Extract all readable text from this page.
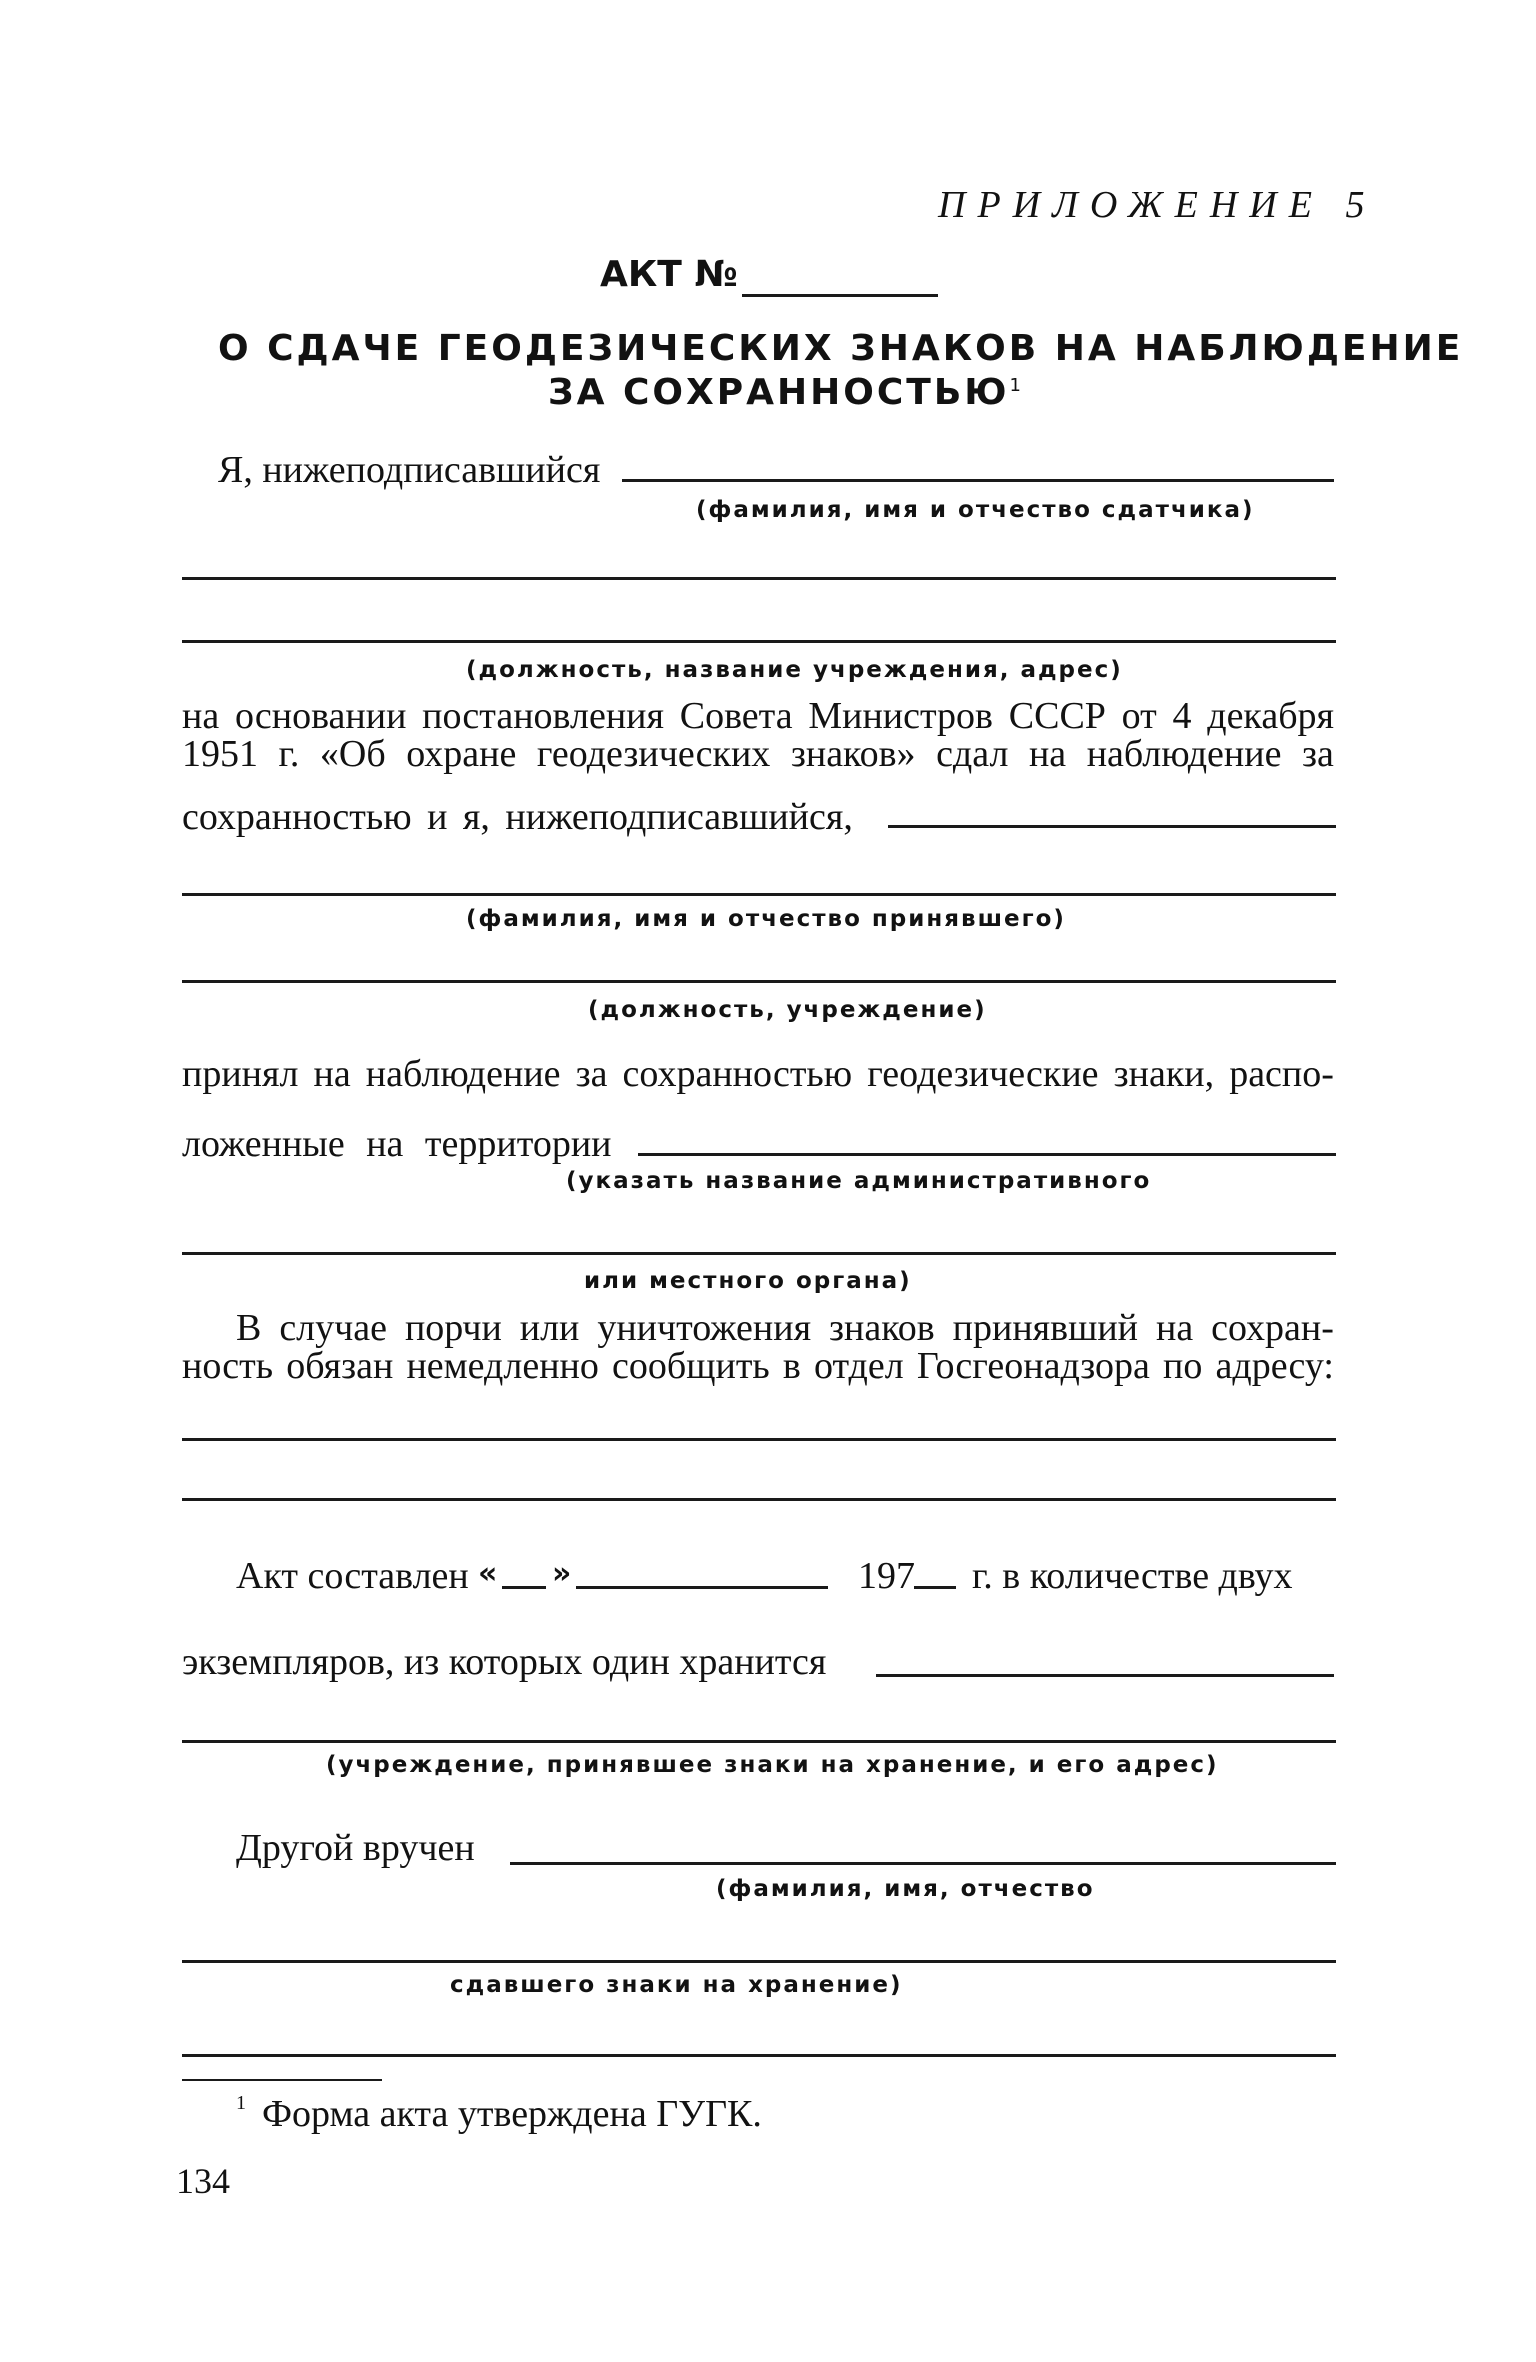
ПРИЛОЖЕНИЕ 5
АКТ №
О СДАЧЕ ГЕОДЕЗИЧЕСКИХ ЗНАКОВ НА НАБЛЮДЕНИЕ
ЗА СОХРАННОСТЬЮ$^1$
Я, нижеподписавшийся
(фамилия, имя и отчество сдатчика)
(должность, название учреждения, адрес)
на основании постановления Совета Министров СССР от 4 декабря
1951 г. «Об охране геодезических знаков» сдал на наблюдение за
сохранностью и я, нижеподписавшийся,
(фамилия, имя и отчество принявшего)
(должность, учреждение)
принял на наблюдение за сохранностью геодезические знаки, распо-
ложенные на территории
(указать название административного
или местного органа)
В случае порчи или уничтожения знаков принявший на сохран-
ность обязан немедленно сообщить в отдел Госгеонадзора по адресу:
Акт составлен « »	197 г. в количестве двух
экземпляров, из которых один хранится
(учреждение, принявшее знаки на хранение, и его адрес)
Другой вручен
(фамилия, имя, отчество
сдавшего знаки на хранение)
1 Форма акта утверждена ГУГК.
134
